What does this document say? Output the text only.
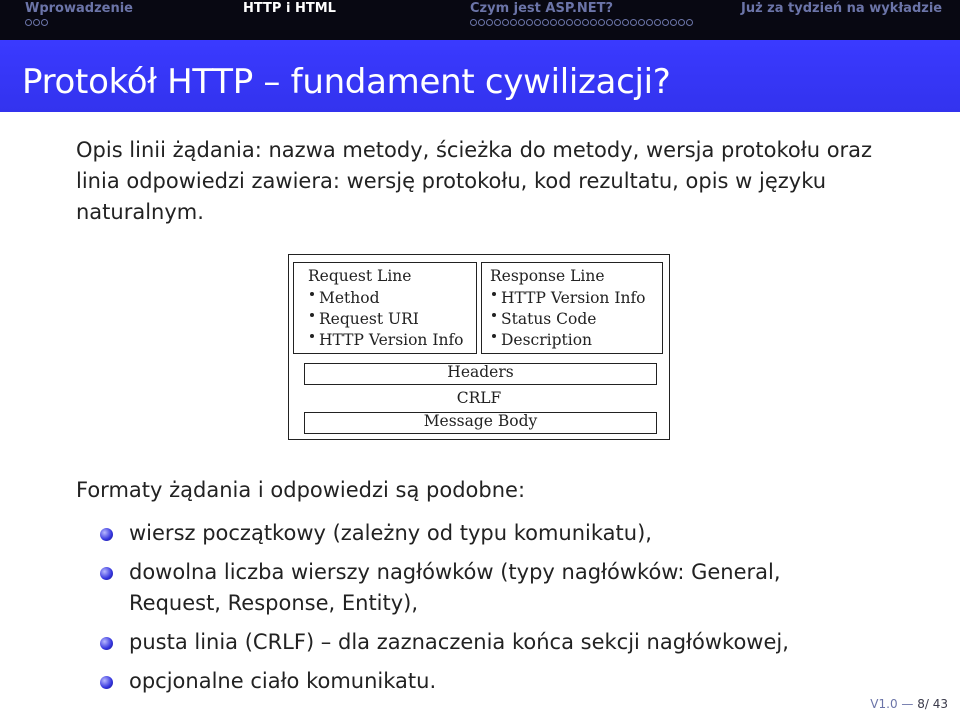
Wprowadzenie	HTTP i HTML	Czym jest ASP.NET?	Już za tydzień na wykładzie
Protokół HTTP – fundament cywilizacji?
Opis linii żądania: nazwa metody, ścieżka do metody, wersja protokołu oraz linia odpowiedzi zawiera: wersję protokołu, kod rezultatu, opis w języku naturalnym.
Request Line
Method
Request URI
HTTP Version Info
Response Line
HTTP Version Info
Status Code
Description
Headers
CRLF
Message Body
Formaty żądania i odpowiedzi są podobne:
wiersz początkowy (zależny od typu komunikatu),
dowolna liczba wierszy nagłówków (typy nagłówków: General, Request, Response, Entity),
pusta linia (CRLF) – dla zaznaczenia końca sekcji nagłówkowej,
opcjonalne ciało komunikatu.
V1.0 — 8/ 43
